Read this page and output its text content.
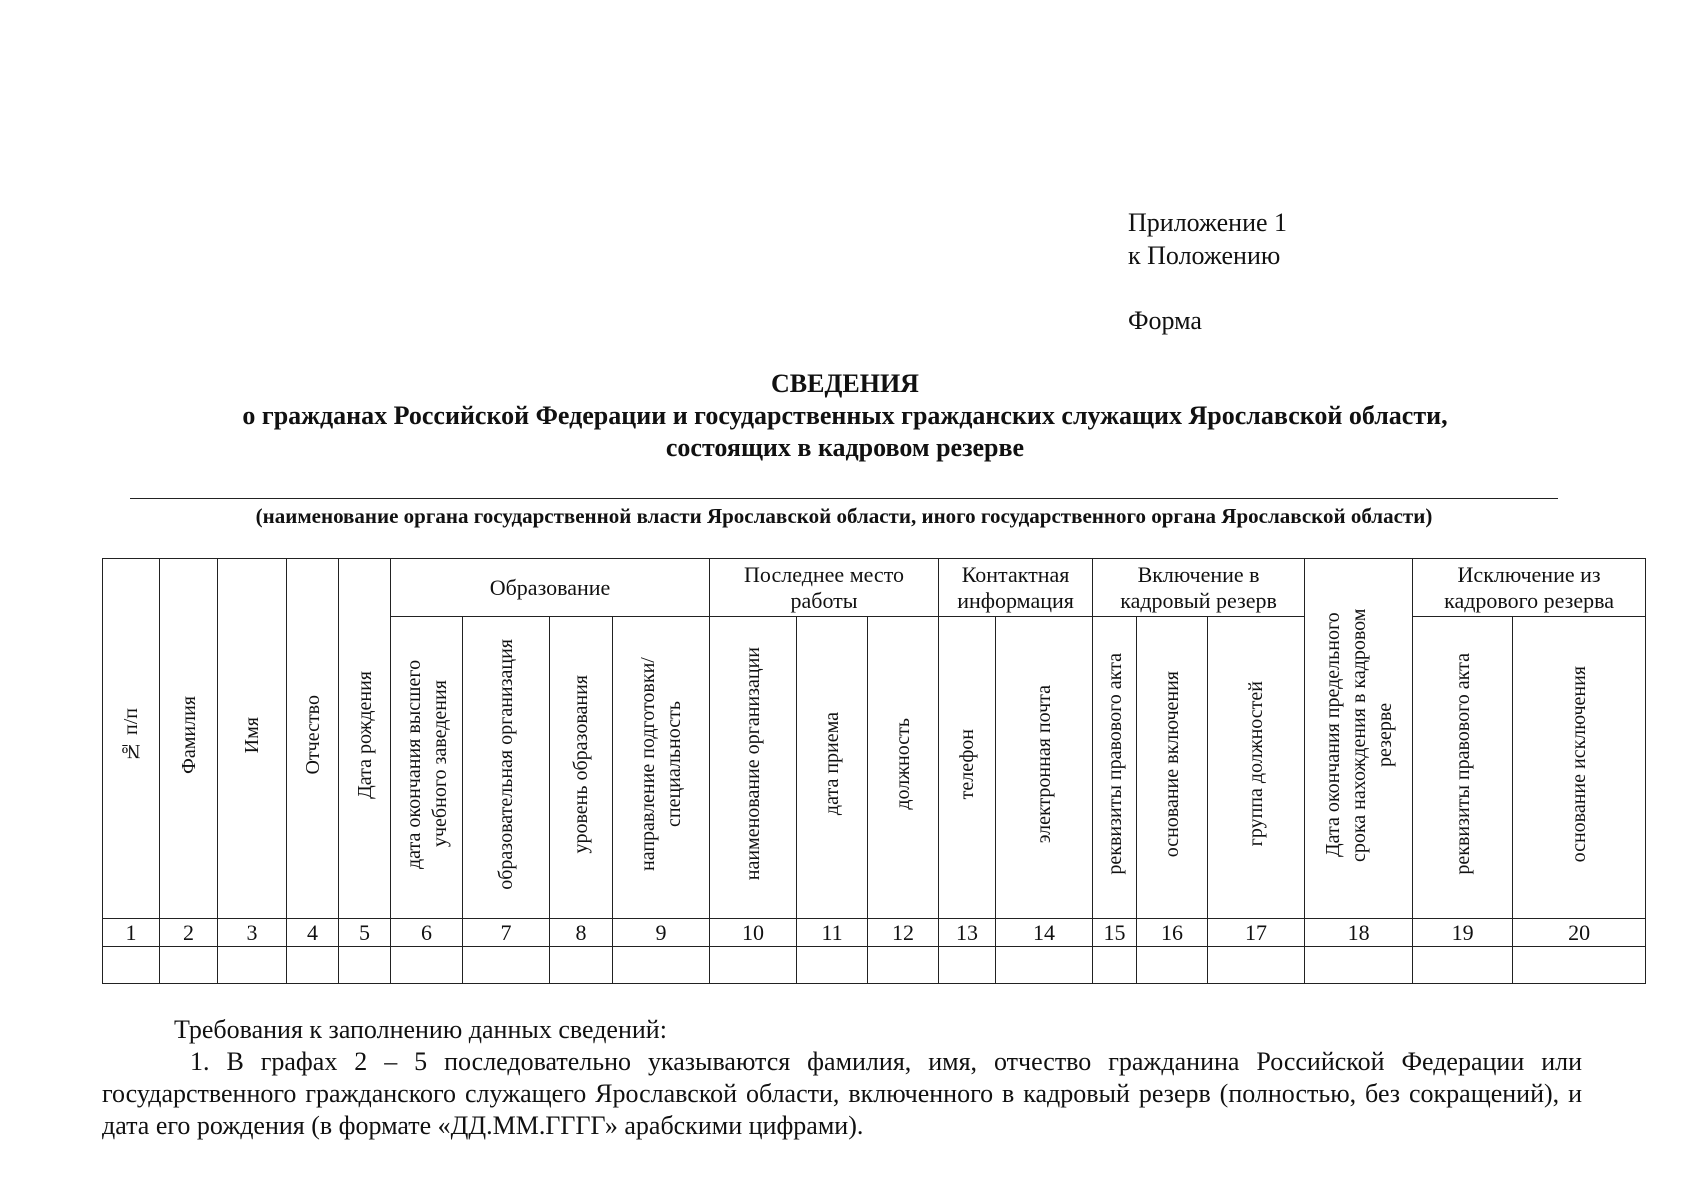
Приложение 1
к Положению
Форма
СВЕДЕНИЯ
о гражданах Российской Федерации и государственных гражданских служащих Ярославской области,
состоящих в кадровом резерве
(наименование органа государственной власти Ярославской области, иного государственного органа Ярославской области)
№ п/п	Фамилия	Имя	Отчество	Дата рождения	Образование				Последнее место работы			Контактная информация		Включение в кадровый резерв			Дата окончания предельного срока нахождения в кадровом резерве	Исключение из кадрового резерва	
					дата окончания высшего учебного заведения	образовательная организация	уровень образования	направление подготовки/специальность	наименование организации	дата приема	должность	телефон	электронная почта	реквизиты правового акта	основание включения	группа должностей		реквизиты правового акта	основание исключения
1	2	3	4	5	6	7	8	9	10	11	12	13	14	15	16	17	18	19	20

Требования к заполнению данных сведений:

1. В графах 2 – 5 последовательно указываются фамилия, имя, отчество гражданина Российской Федерации или государственного гражданского служащего Ярославской области, включенного в кадровый резерв (полностью, без сокращений), и дата его рождения (в формате «ДД.ММ.ГГГГ» арабскими цифрами).
